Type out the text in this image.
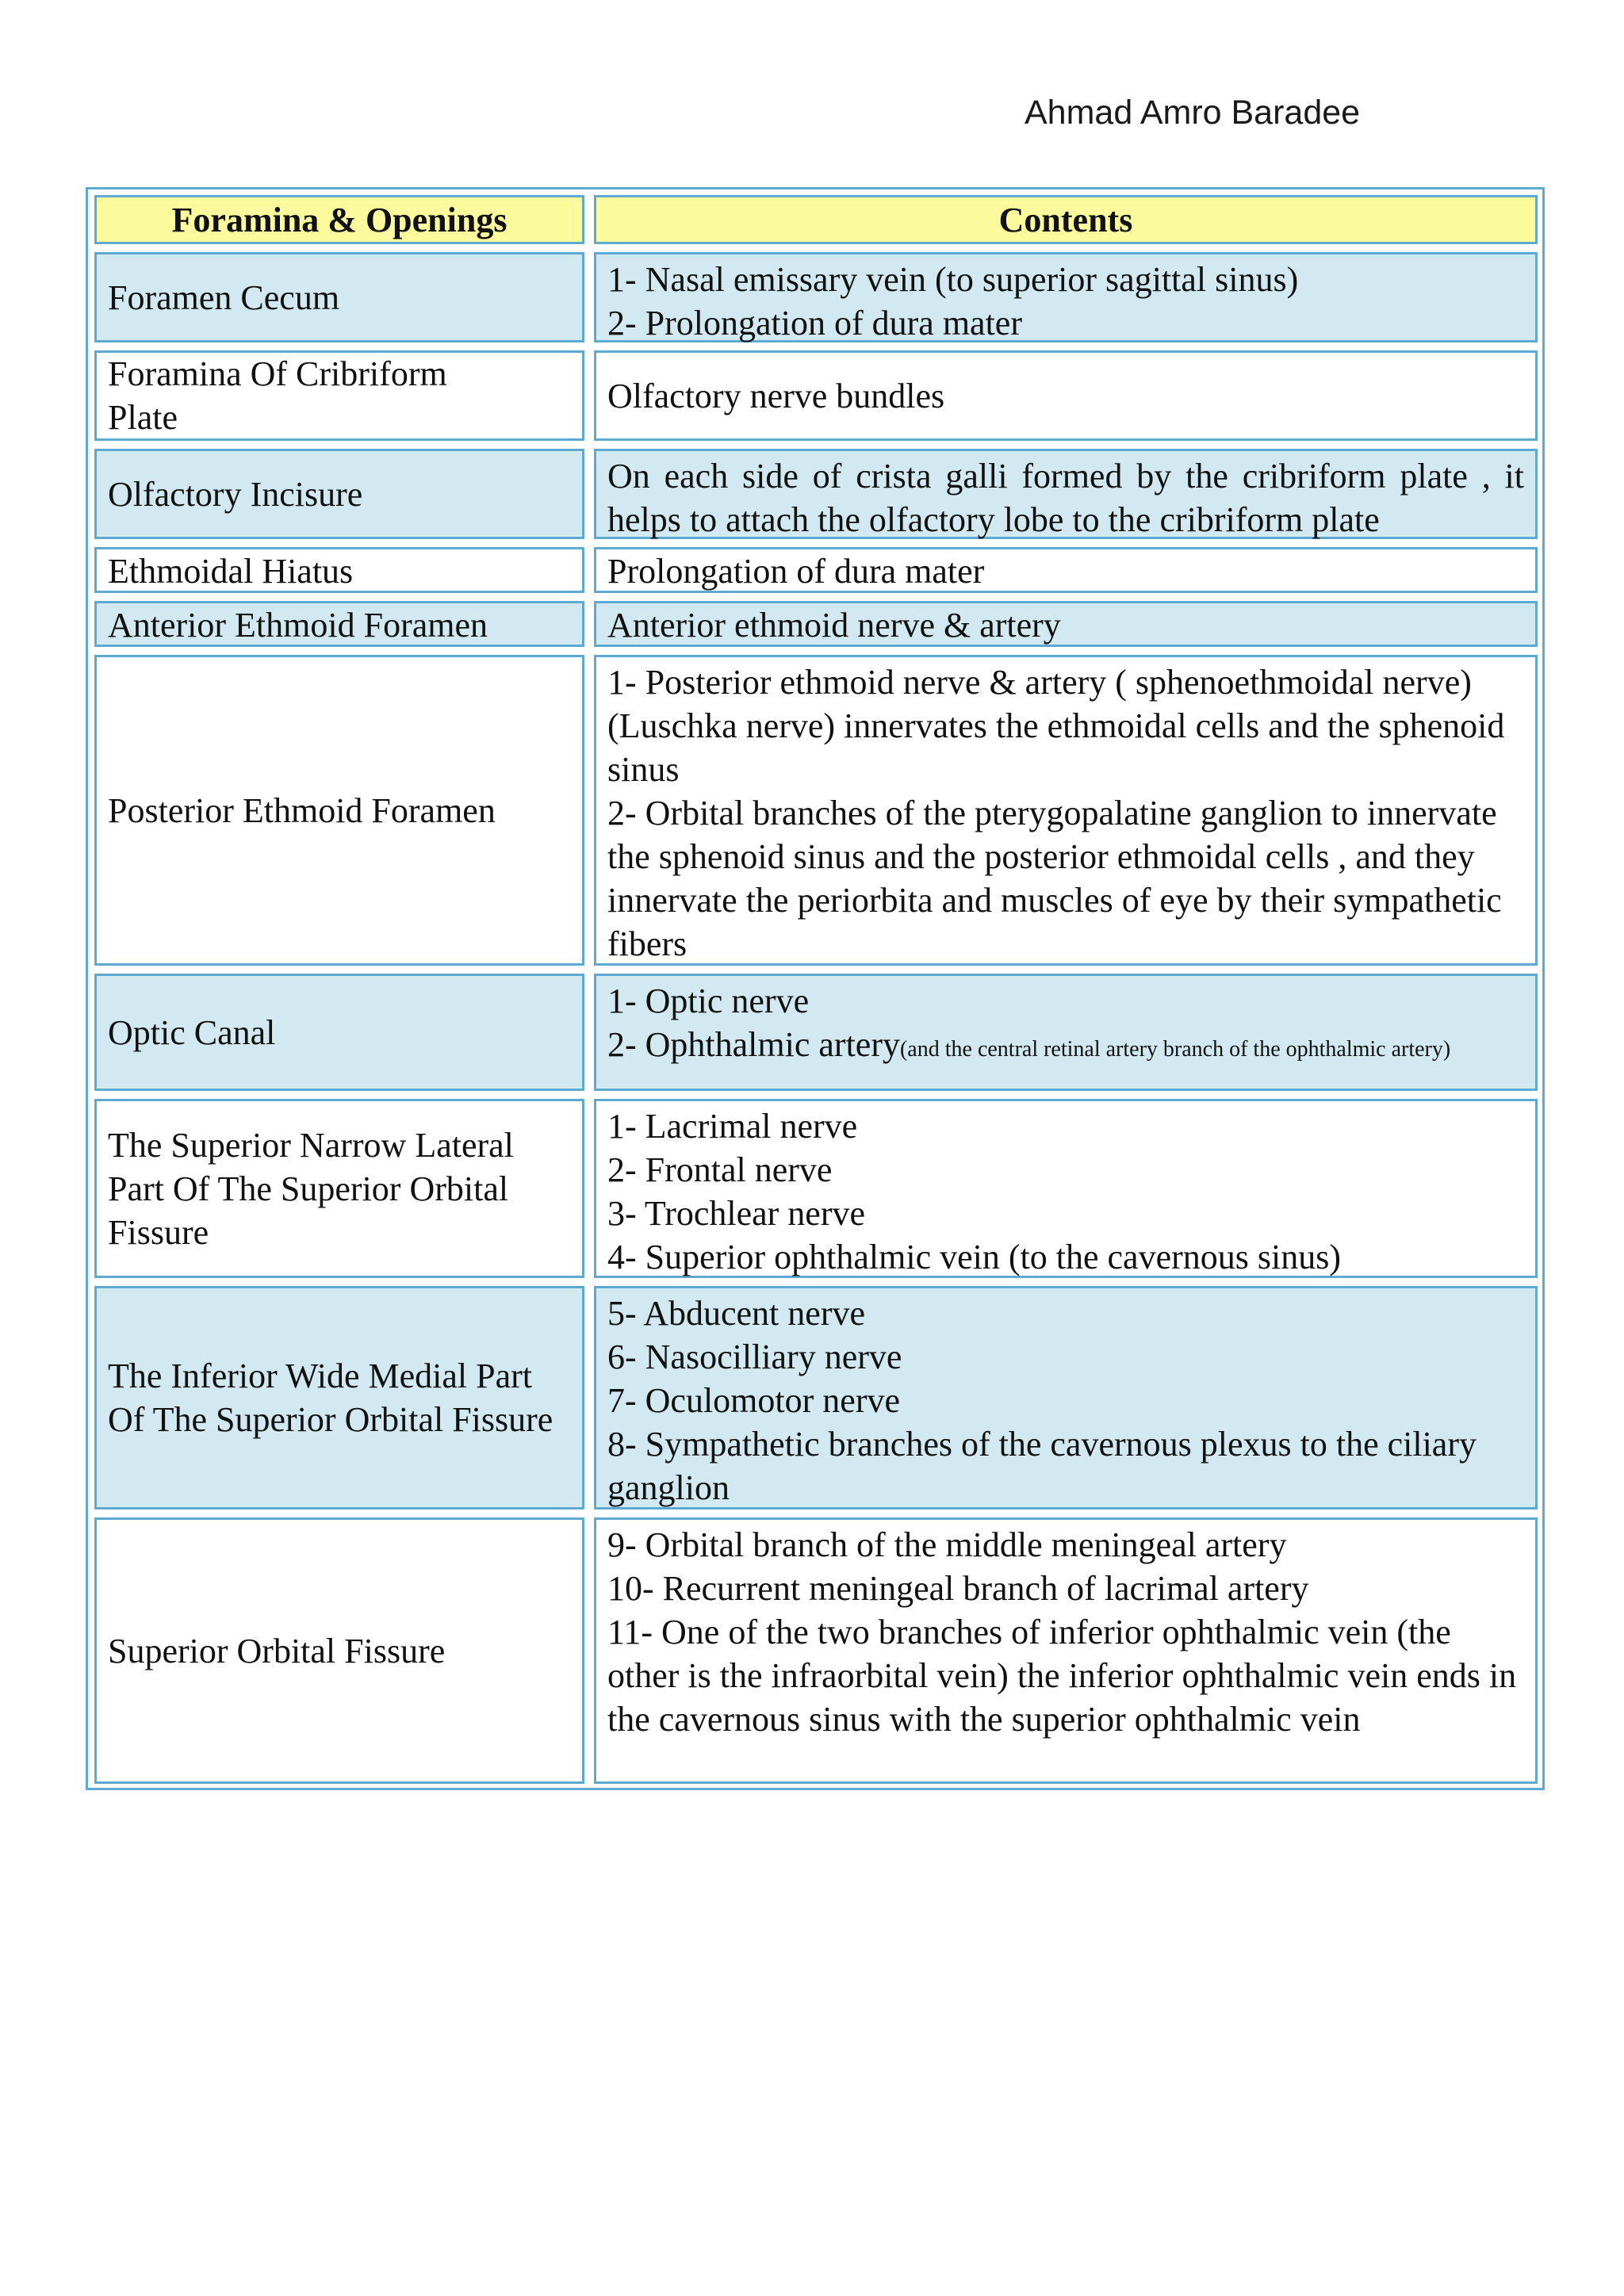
Ahmad Amro Baradee
Foramina & Openings		Contents

Foramen Cecum		1- Nasal emissary vein (to superior sagittal sinus)
2- Prolongation of dura mater

Foramina Of Cribriform Plate		Olfactory nerve bundles

Olfactory Incisure		On each side of crista galli formed by the cribriform plate , it helps to attach the olfactory lobe to the cribriform plate

Ethmoidal Hiatus		Prolongation of dura mater

Anterior Ethmoid Foramen		Anterior ethmoid nerve & artery

Posterior Ethmoid Foramen		1- Posterior ethmoid nerve & artery ( sphenoethmoidal nerve) (Luschka nerve) innervates the ethmoidal cells and the sphenoid sinus
2- Orbital branches of the pterygopalatine ganglion to innervate the sphenoid sinus and the posterior ethmoidal cells , and they innervate the periorbita and muscles of eye by their sympathetic fibers

Optic Canal		1- Optic nerve
2- Ophthalmic artery(and the central retinal artery branch of the ophthalmic artery)

The Superior Narrow Lateral Part Of The Superior Orbital Fissure		1- Lacrimal nerve
2- Frontal nerve
3- Trochlear nerve
4- Superior ophthalmic vein (to the cavernous sinus)

The Inferior Wide Medial Part Of The Superior Orbital Fissure		5- Abducent nerve
6- Nasocilliary nerve
7- Oculomotor nerve
8- Sympathetic branches of the cavernous plexus to the ciliary ganglion

Superior Orbital Fissure		9- Orbital branch of the middle meningeal artery
10- Recurrent meningeal branch of lacrimal artery
11- One of the two branches of inferior ophthalmic vein (the other is the infraorbital vein) the inferior ophthalmic vein ends in the cavernous sinus with the superior ophthalmic vein
